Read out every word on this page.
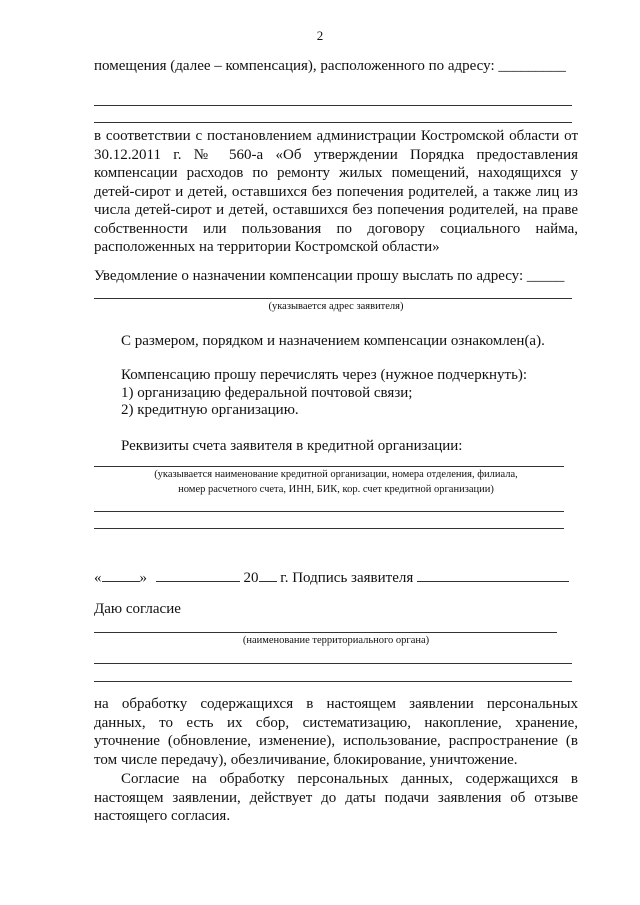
2
помещения (далее – компенсация), расположенного по адресу: _________
в соответствии с постановлением администрации Костромской области от
30.12.2011 г. № 560-а «Об утверждении Порядка предоставления
компенсации расходов по ремонту жилых помещений, находящихся у
детей-сирот и детей, оставшихся без попечения родителей, а также лиц из
числа детей-сирот и детей, оставшихся без попечения родителей, на праве
собственности или пользования по договору социального найма,
расположенных на территории Костромской области»
Уведомление о назначении компенсации прошу выслать по адресу: _____
(указывается адрес заявителя)
С размером, порядком и назначением компенсации ознакомлен(а).
Компенсацию прошу перечислять через (нужное подчеркнуть):
1) организацию федеральной почтовой связи;
2) кредитную организацию.
Реквизиты счета заявителя в кредитной организации:
(указывается наименование кредитной организации, номера отделения, филиала,
номер расчетного счета, ИНН, БИК, кор. счет кредитной организации)
«	»	20 г. Подпись заявителя
Даю согласие
(наименование территориального органа)
на обработку содержащихся в настоящем заявлении персональных
данных, то есть их сбор, систематизацию, накопление, хранение,
уточнение (обновление, изменение), использование, распространение (в
том числе передачу), обезличивание, блокирование, уничтожение.
Согласие на обработку персональных данных, содержащихся в
настоящем заявлении, действует до даты подачи заявления об отзыве
настоящего согласия.
